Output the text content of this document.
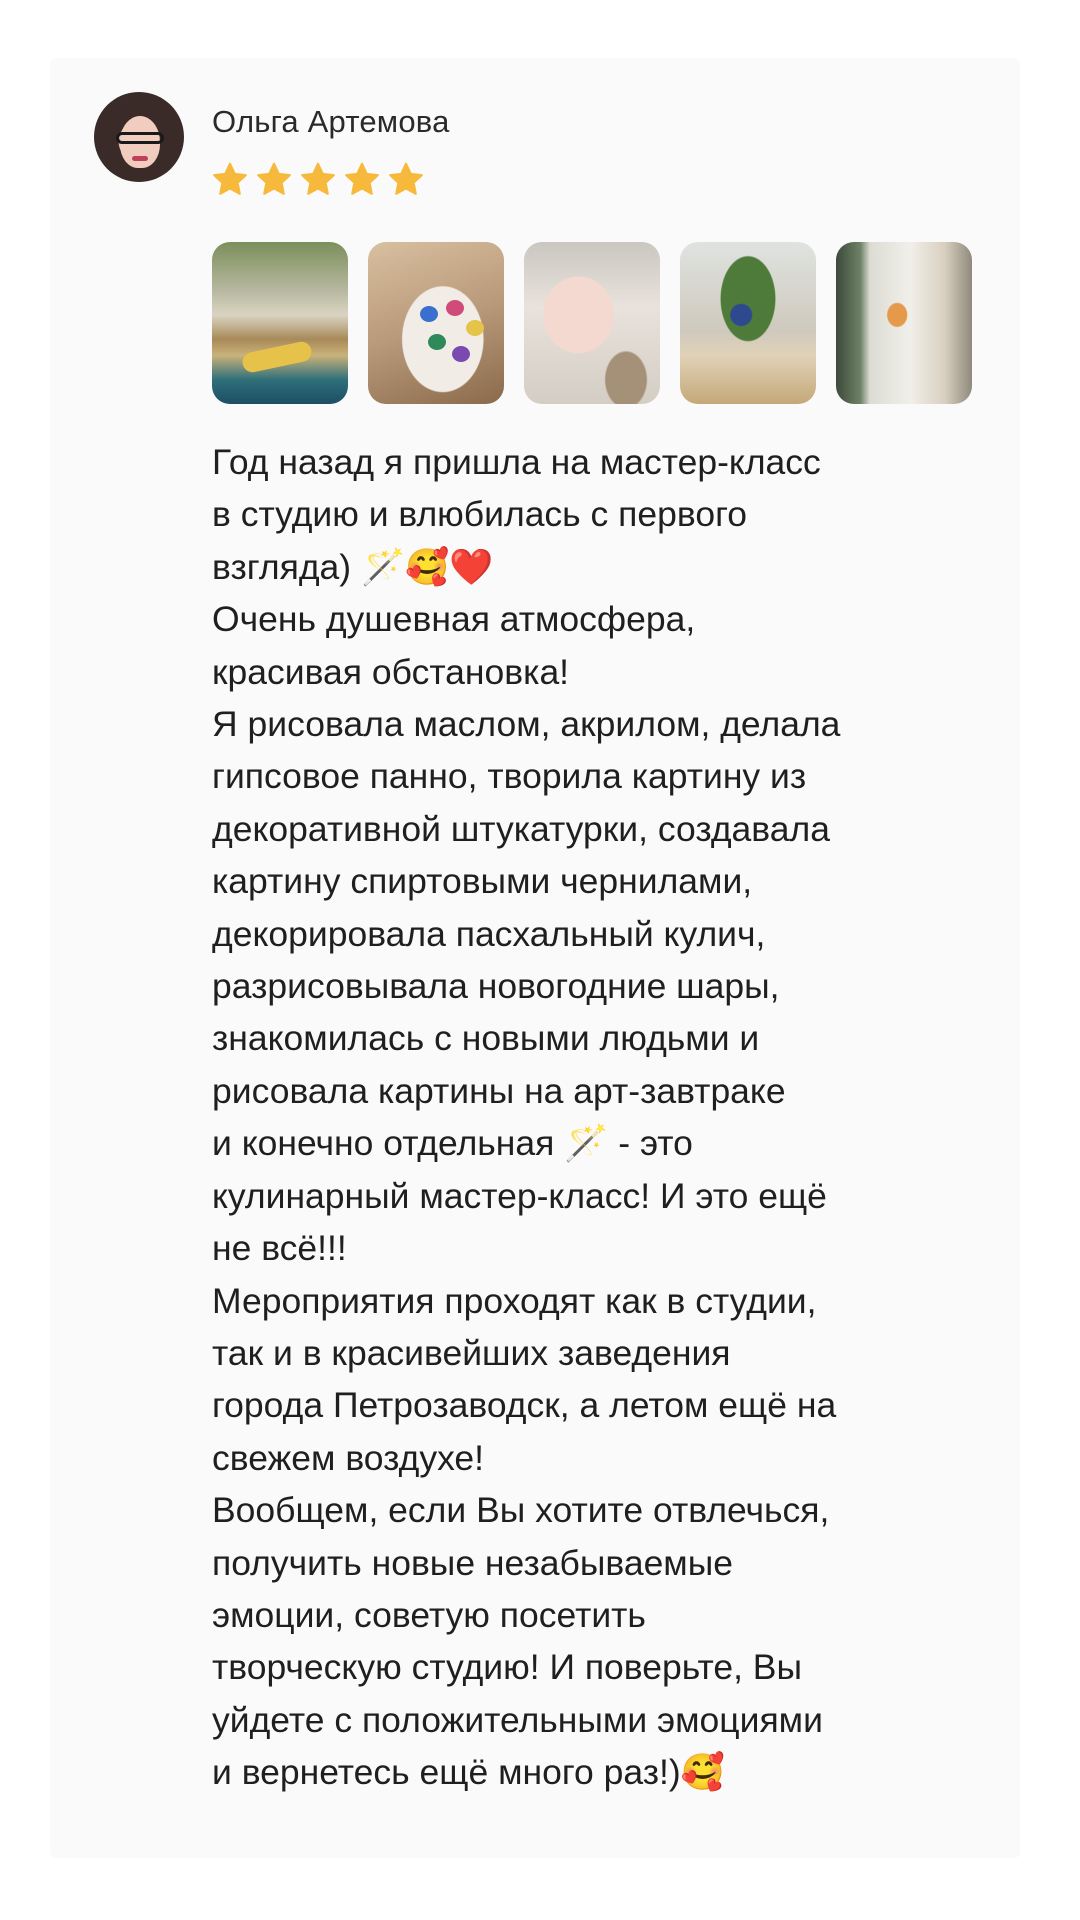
Ольга Артемова

Год назад я пришла на мастер-класс
в студию и влюбилась с первого
взгляда) 🪄🥰❤️
Очень душевная атмосфера,
красивая обстановка!
Я рисовала маслом, акрилом, делала
гипсовое панно, творила картину из
декоративной штукатурки, создавала
картину спиртовыми чернилами,
декорировала пасхальный кулич,
разрисовывала новогодние шары,
знакомилась с новыми людьми и
рисовала картины на арт-завтраке
и конечно отдельная 🪄 - это
кулинарный мастер-класс! И это ещё
не всё!!!
Мероприятия проходят как в студии,
так и в красивейших заведения
города Петрозаводск, а летом ещё на
свежем воздухе!
Вообщем, если Вы хотите отвлечься,
получить новые незабываемые
эмоции, советую посетить
творческую студию! И поверьте, Вы
уйдете с положительными эмоциями
и вернетесь ещё много раз!)🥰
